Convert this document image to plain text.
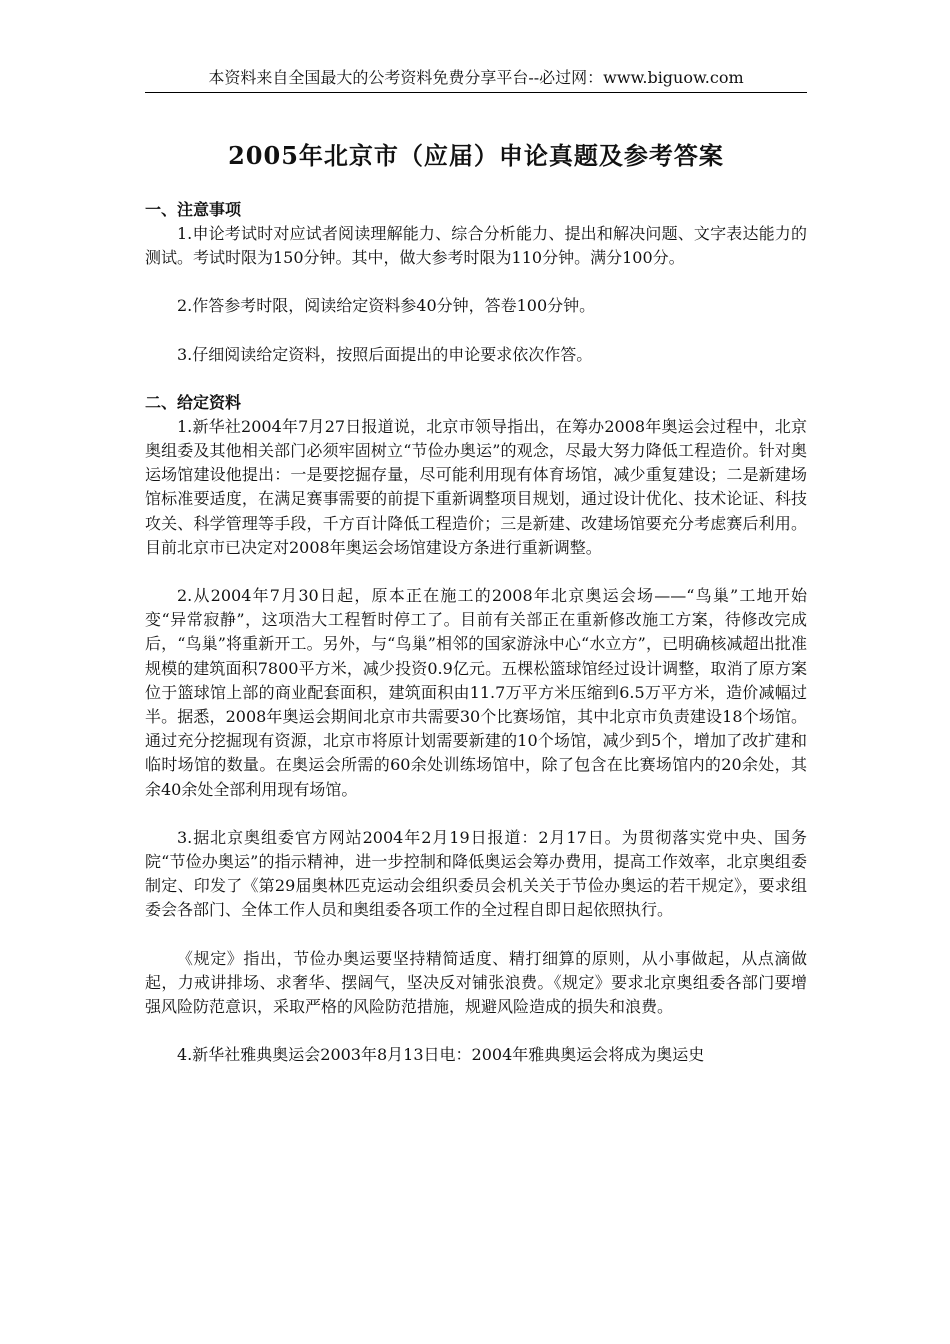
本资料来自全国最大的公考资料免费分享平台--必过网：www.biguow.com
2005年北京市（应届）申论真题及参考答案

一、注意事项

1.申论考试时对应试者阅读理解能力、综合分析能力、提出和解决问题、文字表达能力的测试。考试时限为150分钟。其中，做大参考时限为110分钟。满分100分。

2.作答参考时限，阅读给定资料参40分钟，答卷100分钟。

3.仔细阅读给定资料，按照后面提出的申论要求依次作答。

二、给定资料

1.新华社2004年7月27日报道说，北京市领导指出，在筹办2008年奥运会过程中，北京奥组委及其他相关部门必须牢固树立“节俭办奥运”的观念，尽最大努力降低工程造价。针对奥运场馆建设他提出：一是要挖掘存量，尽可能利用现有体育场馆，减少重复建设；二是新建场馆标准要适度，在满足赛事需要的前提下重新调整项目规划，通过设计优化、技术论证、科技攻关、科学管理等手段，千方百计降低工程造价；三是新建、改建场馆要充分考虑赛后利用。目前北京市已决定对2008年奥运会场馆建设方条进行重新调整。

2.从2004年7月30日起，原本正在施工的2008年北京奥运会场——“鸟巢”工地开始变“异常寂静”，这项浩大工程暂时停工了。目前有关部正在重新修改施工方案，待修改完成后，“鸟巢”将重新开工。另外，与“鸟巢”相邻的国家游泳中心“水立方”，已明确核减超出批准规模的建筑面积7800平方米，减少投资0.9亿元。五棵松篮球馆经过设计调整，取消了原方案位于篮球馆上部的商业配套面积，建筑面积由11.7万平方米压缩到6.5万平方米，造价减幅过半。据悉，2008年奥运会期间北京市共需要30个比赛场馆，其中北京市负责建设18个场馆。通过充分挖掘现有资源，北京市将原计划需要新建的10个场馆，减少到5个，增加了改扩建和临时场馆的数量。在奥运会所需的60余处训练场馆中，除了包含在比赛场馆内的20余处，其余40余处全部利用现有场馆。

3.据北京奥组委官方网站2004年2月19日报道：2月17日。为贯彻落实党中央、国务院“节俭办奥运”的指示精神，进一步控制和降低奥运会筹办费用，提高工作效率，北京奥组委制定、印发了《第29届奥林匹克运动会组织委员会机关关于节俭办奥运的若干规定》，要求组委会各部门、全体工作人员和奥组委各项工作的全过程自即日起依照执行。

《规定》指出，节俭办奥运要坚持精简适度、精打细算的原则，从小事做起，从点滴做起，力戒讲排场、求奢华、摆阔气，坚决反对铺张浪费。《规定》要求北京奥组委各部门要增强风险防范意识，采取严格的风险防范措施，规避风险造成的损失和浪费。

4.新华社雅典奥运会2003年8月13日电：2004年雅典奥运会将成为奥运史
